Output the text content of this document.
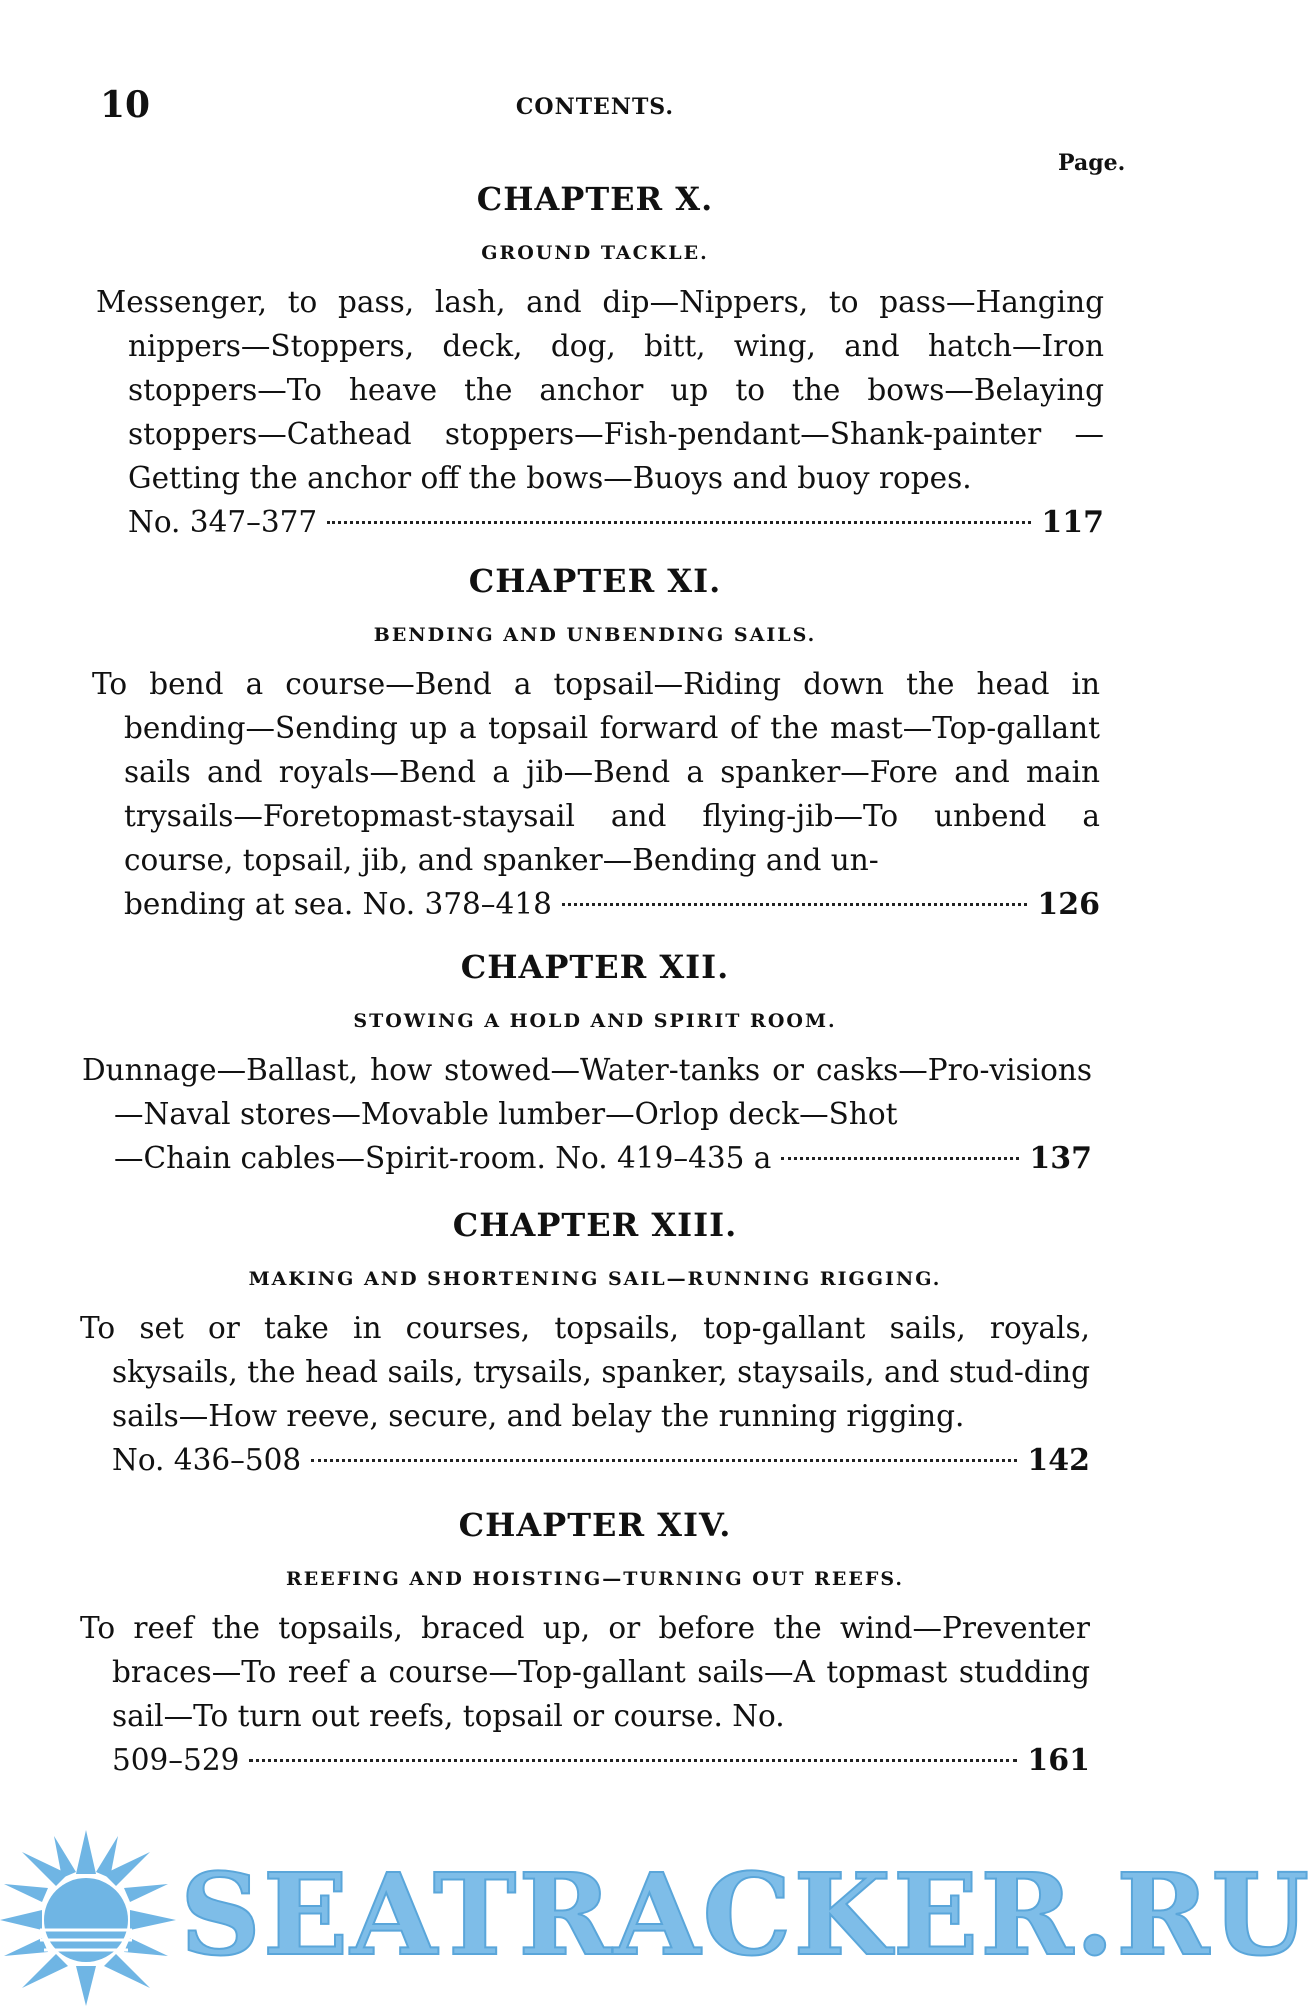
10	CONTENTS.
Page.
CHAPTER X.
GROUND TACKLE.
Messenger, to pass, lash, and dip—Nippers, to pass—Hanging nippers—Stoppers, deck, dog, bitt, wing, and hatch—Iron stoppers—To heave the anchor up to the bows—Belaying stoppers—Cathead stoppers—Fish-pendant—Shank-painter —Getting the anchor off the bows—Buoys and buoy ropes.
No. 347–377	117
CHAPTER XI.
BENDING AND UNBENDING SAILS.
To bend a course—Bend a topsail—Riding down the head in bending—Sending up a topsail forward of the mast—Top-gallant sails and royals—Bend a jib—Bend a spanker—Fore and main trysails—Foretopmast-staysail and flying-jib—To unbend a course, topsail, jib, and spanker—Bending and un-
bending at sea. No. 378–418	126
CHAPTER XII.
STOWING A HOLD AND SPIRIT ROOM.
Dunnage—Ballast, how stowed—Water-tanks or casks—Pro-visions—Naval stores—Movable lumber—Orlop deck—Shot
—Chain cables—Spirit-room. No. 419–435 a	137
CHAPTER XIII.
MAKING AND SHORTENING SAIL—RUNNING RIGGING.
To set or take in courses, topsails, top-gallant sails, royals, skysails, the head sails, trysails, spanker, staysails, and stud-ding sails—How reeve, secure, and belay the running rigging.
No. 436–508	142
CHAPTER XIV.
REEFING AND HOISTING—TURNING OUT REEFS.
To reef the topsails, braced up, or before the wind—Preventer braces—To reef a course—Top-gallant sails—A topmast studding sail—To turn out reefs, topsail or course. No.
509–529	161
SEATRACKER.RU
